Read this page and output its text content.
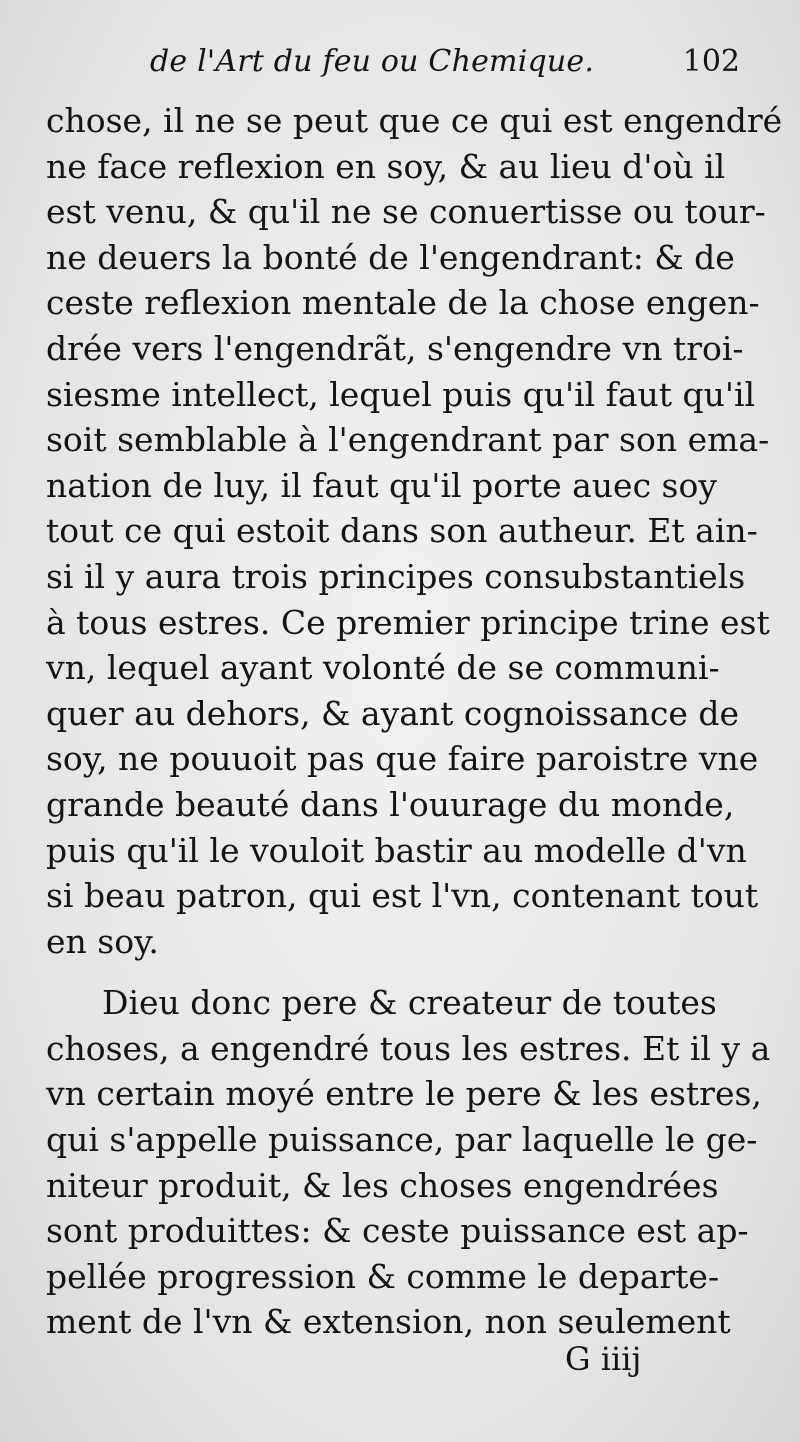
de l'Art du feu ou Chemique.	102
chose, il ne se peut que ce qui est engendré
ne face reflexion en soy, & au lieu d'où il
est venu, & qu'il ne se conuertisse ou tour-
ne deuers la bonté de l'engendrant: & de
ceste reflexion mentale de la chose engen-
drée vers l'engendrãt, s'engendre vn troi-
siesme intellect, lequel puis qu'il faut qu'il
soit semblable à l'engendrant par son ema-
nation de luy, il faut qu'il porte auec soy
tout ce qui estoit dans son autheur. Et ain-
si il y aura trois principes consubstantiels
à tous estres. Ce premier principe trine est
vn, lequel ayant volonté de se communi-
quer au dehors, & ayant cognoissance de
soy, ne pouuoit pas que faire paroistre vne
grande beauté dans l'ouurage du monde,
puis qu'il le vouloit bastir au modelle d'vn
si beau patron, qui est l'vn, contenant tout
en soy.
Dieu donc pere & createur de toutes
choses, a engendré tous les estres. Et il y a
vn certain moyé entre le pere & les estres,
qui s'appelle puissance, par laquelle le ge-
niteur produit, & les choses engendrées
sont produittes: & ceste puissance est ap-
pellée progression & comme le departe-
ment de l'vn & extension, non seulement
G iiij
